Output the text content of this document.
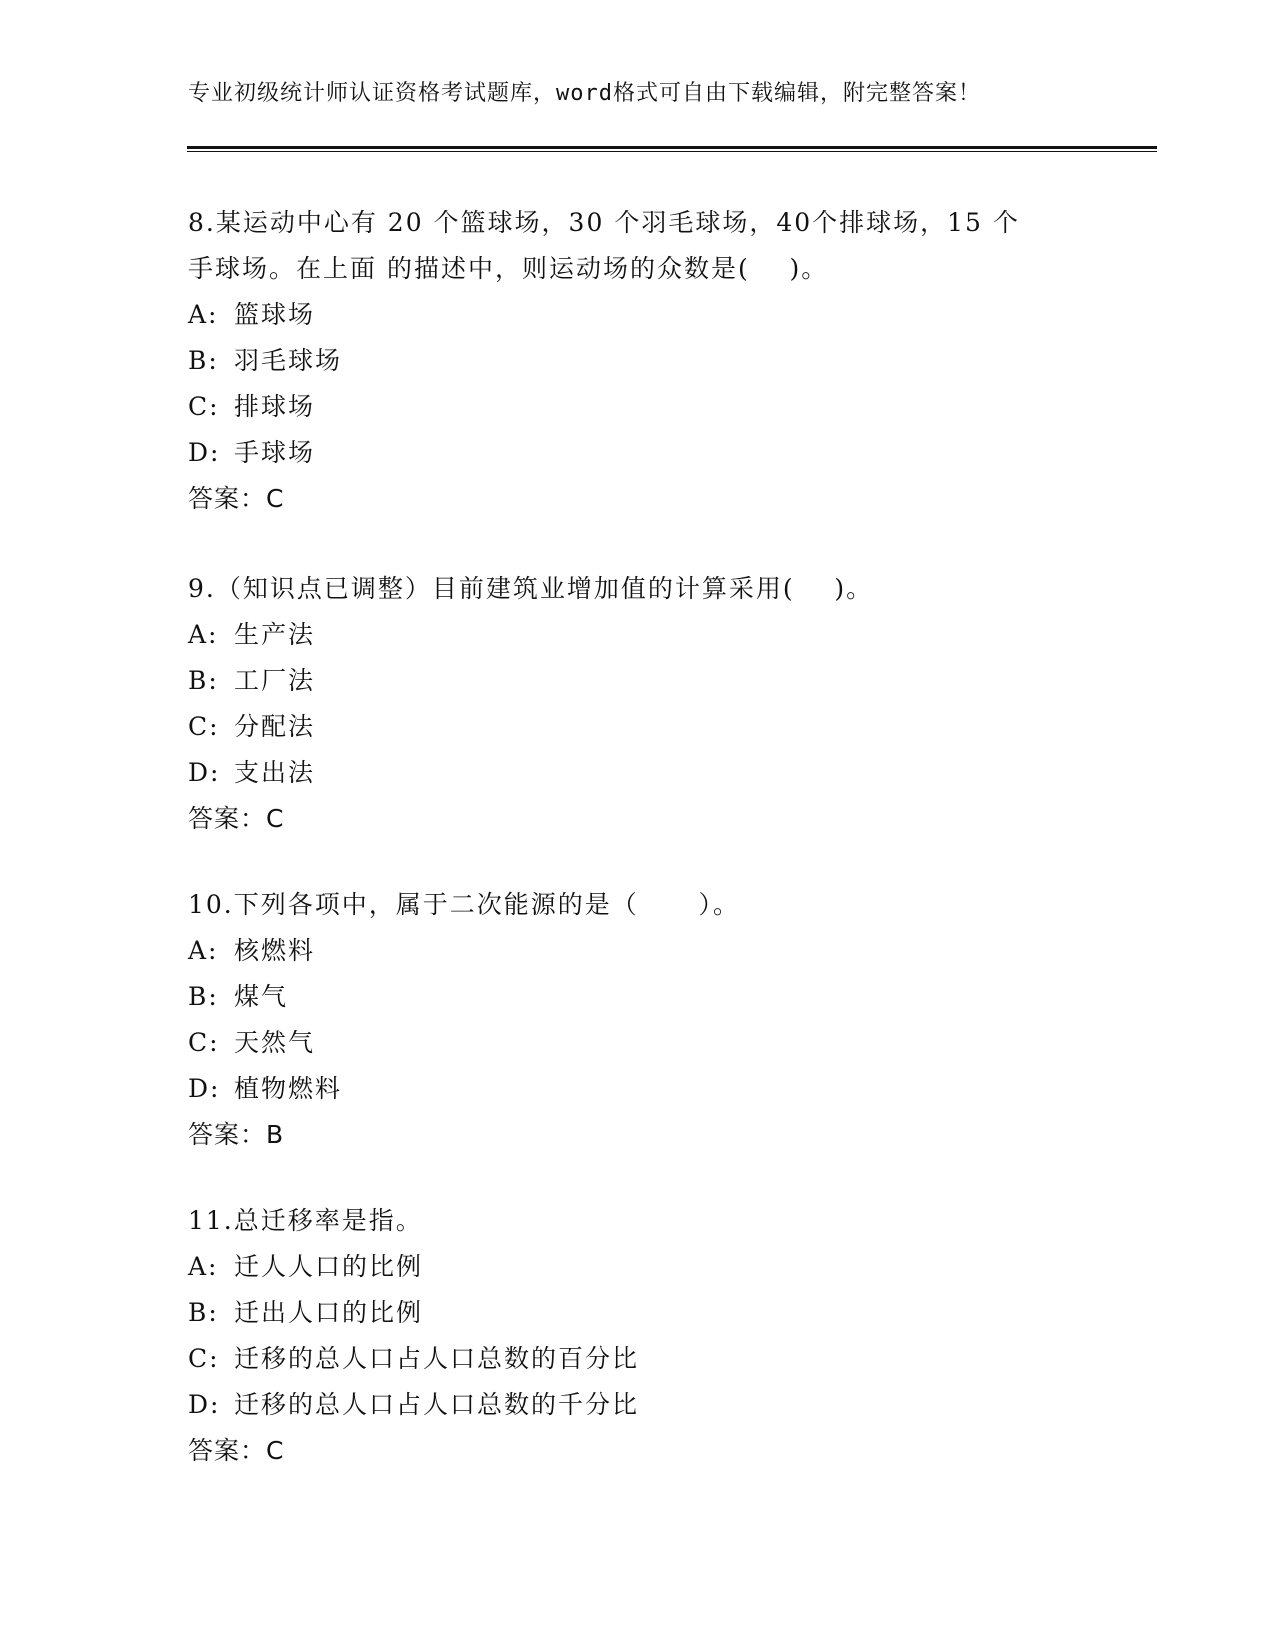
专业初级统计师认证资格考试题库，word格式可自由下载编辑，附完整答案！

8.某运动中心有 20 个篮球场，30 个羽毛球场，40个排球场，15 个

手球场。在上面 的描述中，则运动场的众数是(    )。

A: 篮球场

B: 羽毛球场

C: 排球场

D: 手球场

答案：C

9.（知识点已调整）目前建筑业增加值的计算采用(    )。

A: 生产法

B: 工厂法

C: 分配法

D: 支出法

答案：C

10.下列各项中，属于二次能源的是（      ）。

A: 核燃料

B: 煤气

C: 天然气

D: 植物燃料

答案：B

11.总迁移率是指。

A: 迁人人口的比例

B: 迁出人口的比例

C: 迁移的总人口占人口总数的百分比

D: 迁移的总人口占人口总数的千分比

答案：C
